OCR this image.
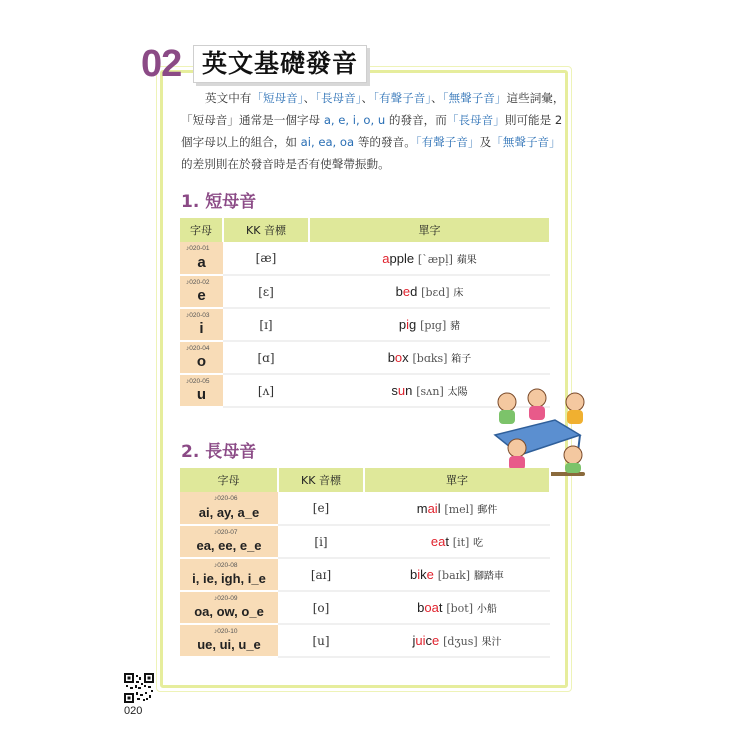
02 英文基礎發音

英文中有「短母音」、「長母音」、「有聲子音」、「無聲子音」這些詞彙，

「短母音」通常是一個字母 a, e, i, o, u 的發音，而「長母音」則可能是 2

個字母以上的組合，如 ai, ea, oa 等的發音。「有聲子音」及「無聲子音」

的差別則在於發音時是否有使聲帶振動。

1. 短母音
字母	KK 音標	單字

♪020-01
a	[æ]	apple [ˋæpḷ] 蘋果

♪020-02
e	[ɛ]	bed [bɛd] 床

♪020-03
i	[ɪ]	pig [pɪg] 豬

♪020-04
o	[ɑ]	box [bɑks] 箱子

♪020-05
u	[ʌ]	sun [sʌn] 太陽
2. 長母音
字母	KK 音標	單字

♪020-06
ai, ay, a_e	[e]	mail [mel] 郵件

♪020-07
ea, ee, e_e	[i]	eat [it] 吃

♪020-08
i, ie, igh, i_e	[aɪ]	bike [baɪk] 腳踏車

♪020-09
oa, ow, o_e	[o]	boat [bot] 小船

♪020-10
ue, ui, u_e	[u]	juice [dʒus] 果汁
020
